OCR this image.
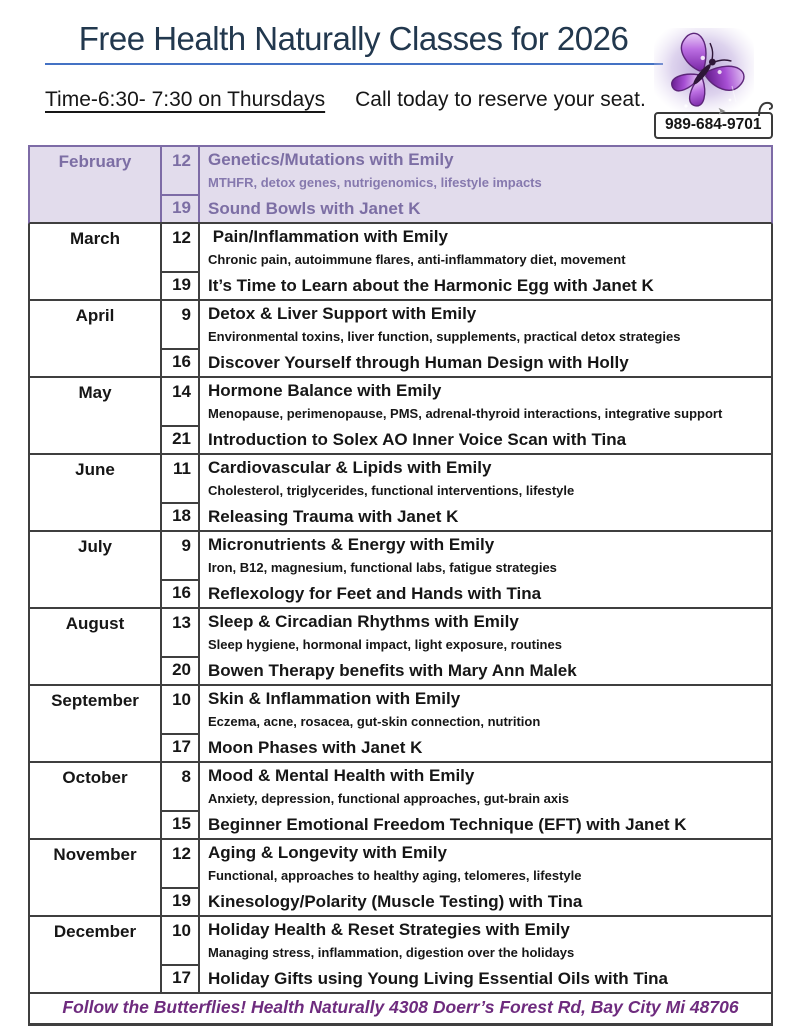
Free Health Naturally Classes for 2026
Time-6:30- 7:30 on Thursdays Call today to reserve your seat.
989-684-9701
➤
February	12	Genetics/Mutations with Emily
MTHFR, detox genes, nutrigenomics, lifestyle impacts
19	Sound Bowls with Janet K
March	12	Pain/Inflammation with Emily
Chronic pain, autoimmune flares, anti-inflammatory diet, movement
19	It’s Time to Learn about the Harmonic Egg with Janet K
April	9	Detox & Liver Support with Emily
Environmental toxins, liver function, supplements, practical detox strategies
16	Discover Yourself through Human Design with Holly
May	14	Hormone Balance with Emily
Menopause, perimenopause, PMS, adrenal-thyroid interactions, integrative support
21	Introduction to Solex AO Inner Voice Scan with Tina
June	11	Cardiovascular & Lipids with Emily
Cholesterol, triglycerides, functional interventions, lifestyle
18	Releasing Trauma with Janet K
July	9	Micronutrients & Energy with Emily
Iron, B12, magnesium, functional labs, fatigue strategies
16	Reflexology for Feet and Hands with Tina
August	13	Sleep & Circadian Rhythms with Emily
Sleep hygiene, hormonal impact, light exposure, routines
20	Bowen Therapy benefits with Mary Ann Malek
September	10	Skin & Inflammation with Emily
Eczema, acne, rosacea, gut-skin connection, nutrition
17	Moon Phases with Janet K
October	8	Mood & Mental Health with Emily
Anxiety, depression, functional approaches, gut-brain axis
15	Beginner Emotional Freedom Technique (EFT) with Janet K
November	12	Aging & Longevity with Emily
Functional, approaches to healthy aging, telomeres, lifestyle
19	Kinesology/Polarity (Muscle Testing) with Tina
December	10	Holiday Health & Reset Strategies with Emily
Managing stress, inflammation, digestion over the holidays
17	Holiday Gifts using Young Living Essential Oils with Tina
Follow the Butterflies! Health Naturally 4308 Doerr’s Forest Rd, Bay City Mi 48706
